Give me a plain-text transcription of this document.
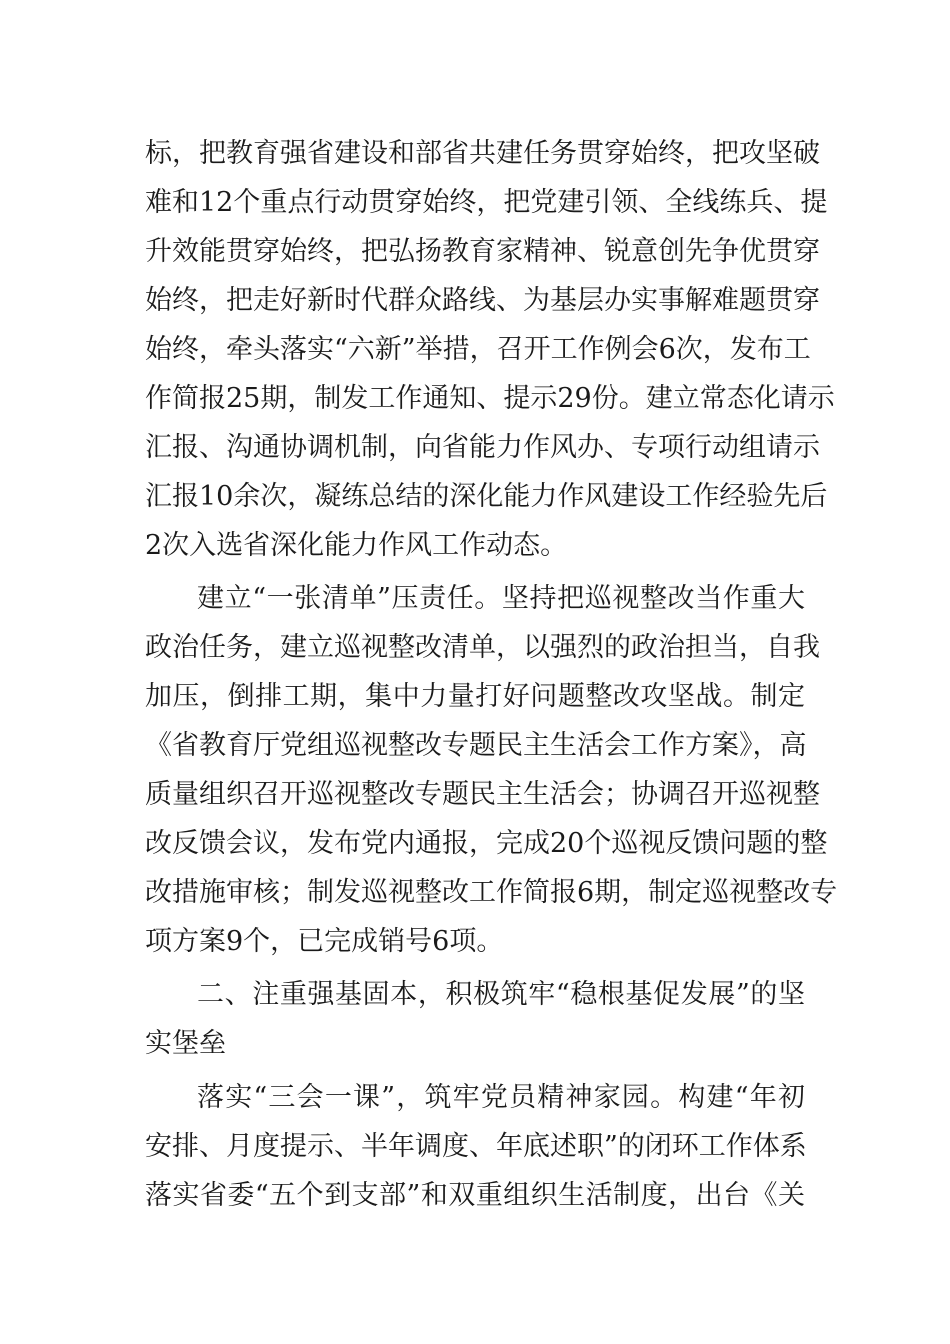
标，把教育强省建设和部省共建任务贯穿始终，把攻坚破
难和12个重点行动贯穿始终，把党建引领、全线练兵、提
升效能贯穿始终，把弘扬教育家精神、锐意创先争优贯穿
始终，把走好新时代群众路线、为基层办实事解难题贯穿
始终，牵头落实“六新”举措，召开工作例会6次，发布工
作简报25期，制发工作通知、提示29份。建立常态化请示
汇报、沟通协调机制，向省能力作风办、专项行动组请示
汇报10余次，凝练总结的深化能力作风建设工作经验先后
2次入选省深化能力作风工作动态。
建立“一张清单”压责任。坚持把巡视整改当作重大
政治任务，建立巡视整改清单，以强烈的政治担当，自我
加压，倒排工期，集中力量打好问题整改攻坚战。制定
《省教育厅党组巡视整改专题民主生活会工作方案》，高
质量组织召开巡视整改专题民主生活会；协调召开巡视整
改反馈会议，发布党内通报，完成20个巡视反馈问题的整
改措施审核；制发巡视整改工作简报6期，制定巡视整改专
项方案9个，已完成销号6项。
二、注重强基固本，积极筑牢“稳根基促发展”的坚
实堡垒
落实“三会一课”，筑牢党员精神家园。构建“年初
安排、月度提示、半年调度、年底述职”的闭环工作体系
落实省委“五个到支部”和双重组织生活制度，出台《关
